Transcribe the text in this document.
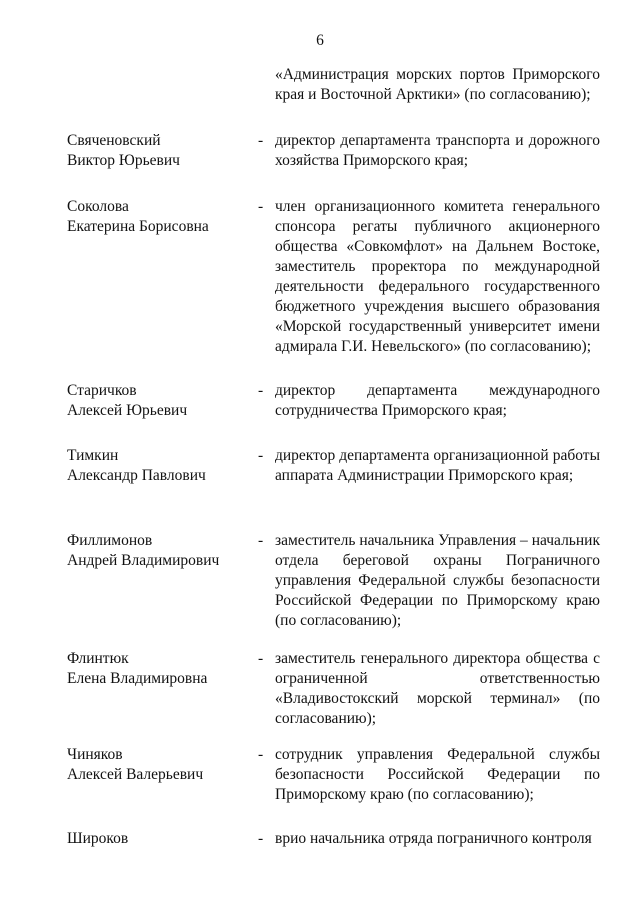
6
«Администрация морских портов Приморского края и Восточной Арктики» (по согласованию);
Свяченовский
Виктор Юрьевич
- директор департамента транспорта и дорожного хозяйства Приморского края;
Соколова
Екатерина Борисовна
- член организационного комитета генерального спонсора регаты публичного акционерного общества «Совкомфлот» на Дальнем Востоке, заместитель проректора по международной деятельности федерального государственного бюджетного учреждения высшего образования «Морской государственный университет имени адмирала Г.И. Невельского» (по согласованию);
Старичков
Алексей Юрьевич
- директор департамента международного сотрудничества Приморского края;
Тимкин
Александр Павлович
- директор департамента организационной работы аппарата Администрации Приморского края;
Филлимонов
Андрей Владимирович
- заместитель начальника Управления – начальник отдела береговой охраны Пограничного управления Федеральной службы безопасности Российской Федерации по Приморскому краю (по согласованию);
Флинтюк
Елена Владимировна
- заместитель генерального директора общества с ограниченной ответственностью «Владивостокский морской терминал» (по согласованию);
Чиняков
Алексей Валерьевич
- сотрудник управления Федеральной службы безопасности Российской Федерации по Приморскому краю (по согласованию);
Широков	- врио начальника отряда пограничного контроля
